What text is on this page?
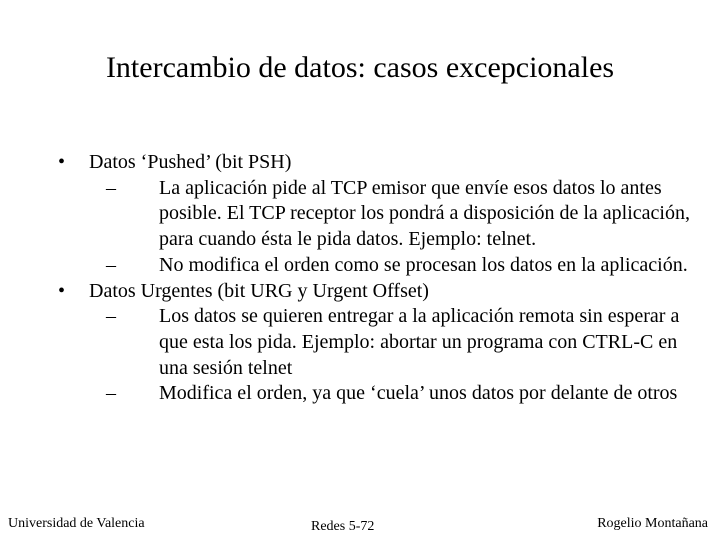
Intercambio de datos: casos excepcionales
• Datos ‘Pushed’ (bit PSH)
–	La aplicación pide al TCP emisor que envíe esos datos lo antes posible. El TCP receptor los pondrá a disposición de la aplicación, para cuando ésta le pida datos. Ejemplo: telnet.
–	No modifica el orden como se procesan los datos en la aplicación.
• Datos Urgentes (bit URG y Urgent Offset)
–	Los datos se quieren entregar a la aplicación remota sin esperar a que esta los pida. Ejemplo: abortar un programa con CTRL-C en una sesión telnet
–	Modifica el orden, ya que ‘cuela’ unos datos por delante de otros
Universidad de Valencia	Redes 5-72	Rogelio Montañana
